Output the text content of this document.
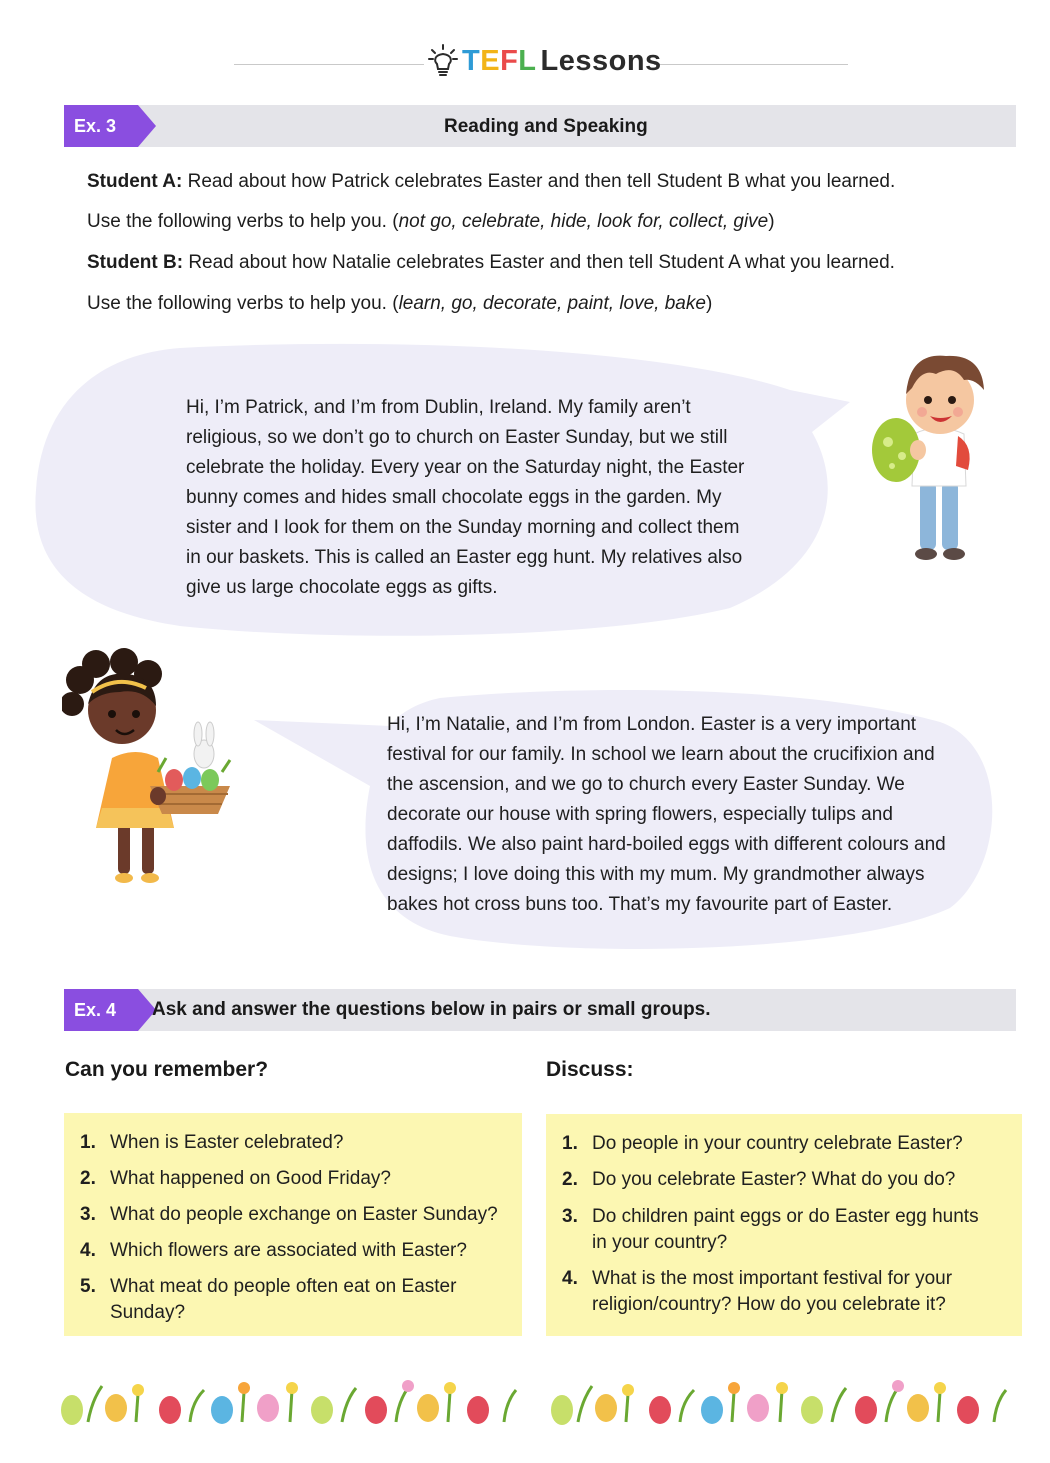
TEFL Lessons
Ex. 3	Reading and Speaking
Student A: Read about how Patrick celebrates Easter and then tell Student B what you learned.
Use the following verbs to help you. (not go, celebrate, hide, look for, collect, give)
Student B: Read about how Natalie celebrates Easter and then tell Student A what you learned.
Use the following verbs to help you. (learn, go, decorate, paint, love, bake)
Hi, I’m Patrick, and I’m from Dublin, Ireland. My family aren’t
religious, so we don’t go to church on Easter Sunday, but we still
celebrate the holiday. Every year on the Saturday night, the Easter
bunny comes and hides small chocolate eggs in the garden. My
sister and I look for them on the Sunday morning and collect them
in our baskets. This is called an Easter egg hunt. My relatives also
give us large chocolate eggs as gifts.
Hi, I’m Natalie, and I’m from London. Easter is a very important
festival for our family. In school we learn about the crucifixion and
the ascension, and we go to church every Easter Sunday. We
decorate our house with spring flowers, especially tulips and
daffodils. We also paint hard-boiled eggs with different colours and
designs; I love doing this with my mum. My grandmother always
bakes hot cross buns too. That’s my favourite part of Easter.
Ex. 4	Ask and answer the questions below in pairs or small groups.
Can you remember?	Discuss:
1. When is Easter celebrated?
2. What happened on Good Friday?
3. What do people exchange on Easter Sunday?
4. Which flowers are associated with Easter?
5. What meat do people often eat on Easter Sunday?
1. Do people in your country celebrate Easter?
2. Do you celebrate Easter? What do you do?
3. Do children paint eggs or do Easter egg hunts in your country?
4. What is the most important festival for your religion/country? How do you celebrate it?
